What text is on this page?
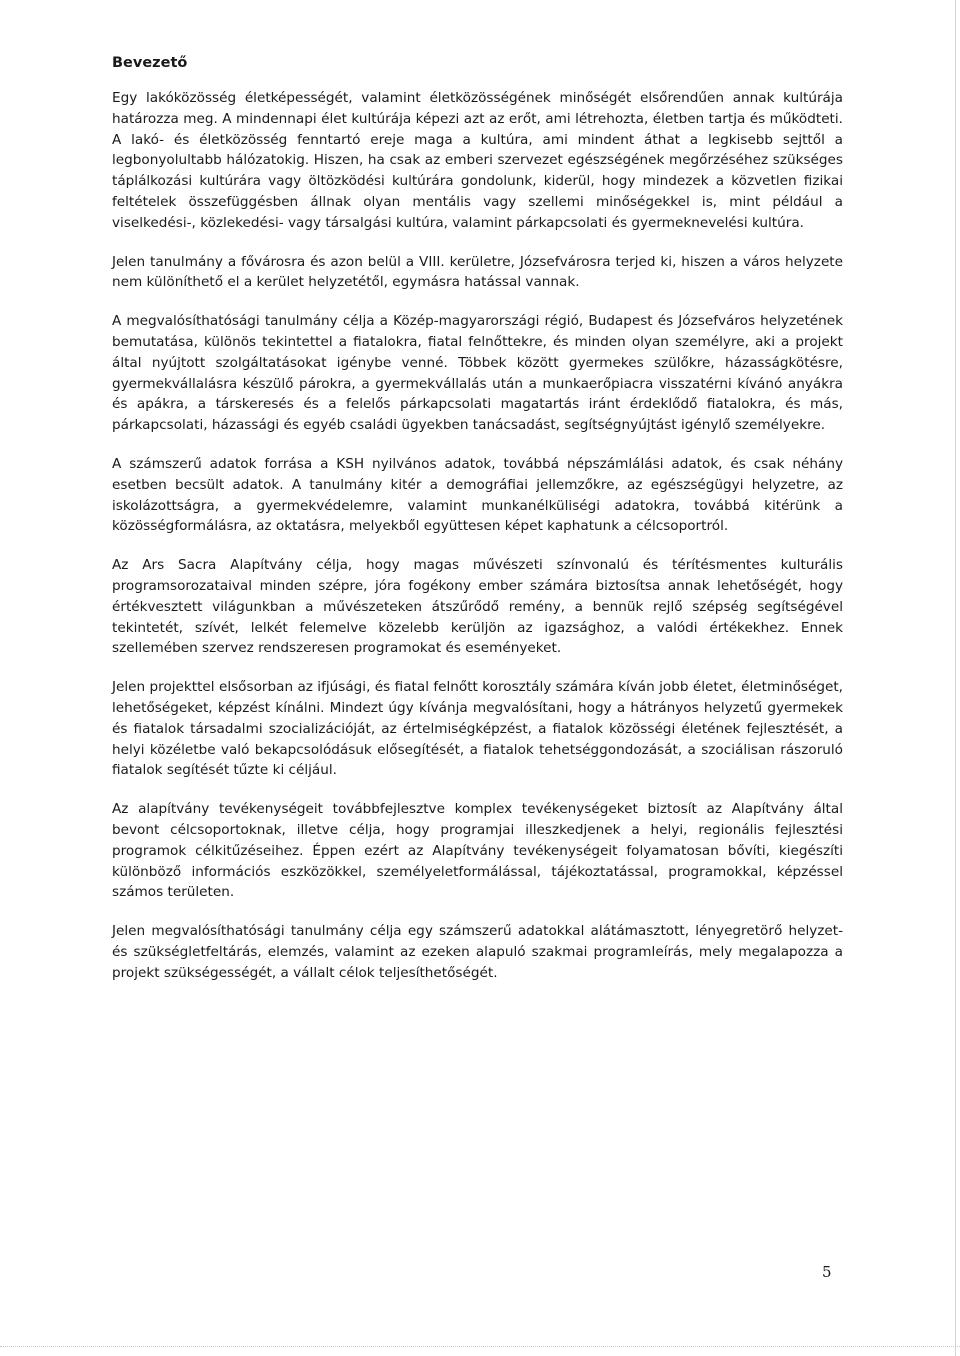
Bevezető

Egy lakóközösség életképességét, valamint életközösségének minőségét elsőrendűen annak kultúrája határozza meg. A mindennapi élet kultúrája képezi azt az erőt, ami létrehozta, életben tartja és működteti. A lakó- és életközösség fenntartó ereje maga a kultúra, ami mindent áthat a legkisebb sejttől a legbonyolultabb hálózatokig. Hiszen, ha csak az emberi szervezet egészségének megőrzéséhez szükséges táplálkozási kultúrára vagy öltözködési kultúrára gondolunk, kiderül, hogy mindezek a közvetlen fizikai feltételek összefüggésben állnak olyan mentális vagy szellemi minőségekkel is, mint például a viselkedési-, közlekedési- vagy társalgási kultúra, valamint párkapcsolati és gyermeknevelési kultúra.

Jelen tanulmány a fővárosra és azon belül a VIII. kerületre, Józsefvárosra terjed ki, hiszen a város helyzete nem különíthető el a kerület helyzetétől, egymásra hatással vannak.

A megvalósíthatósági tanulmány célja a Közép-magyarországi régió, Budapest és Józsefváros helyzetének bemutatása, különös tekintettel a fiatalokra, fiatal felnőttekre, és minden olyan személyre, aki a projekt által nyújtott szolgáltatásokat igénybe venné. Többek között gyermekes szülőkre, házasságkötésre, gyermekvállalásra készülő párokra, a gyermekvállalás után a munkaerőpiacra visszatérni kívánó anyákra és apákra, a társkeresés és a felelős párkapcsolati magatartás iránt érdeklődő fiatalokra, és más, párkapcsolati, házassági és egyéb családi ügyekben tanácsadást, segítségnyújtást igénylő személyekre.

A számszerű adatok forrása a KSH nyilvános adatok, továbbá népszámlálási adatok, és csak néhány esetben becsült adatok. A tanulmány kitér a demográfiai jellemzőkre, az egészségügyi helyzetre, az iskolázottságra, a gyermekvédelemre, valamint munkanélküliségi adatokra, továbbá kitérünk a közösségformálásra, az oktatásra, melyekből együttesen képet kaphatunk a célcsoportról.

Az Ars Sacra Alapítvány célja, hogy magas művészeti színvonalú és térítésmentes kulturális programsorozataival minden szépre, jóra fogékony ember számára biztosítsa annak lehetőségét, hogy értékvesztett világunkban a művészeteken átszűrődő remény, a bennük rejlő szépség segítségével tekintetét, szívét, lelkét felemelve közelebb kerüljön az igazsághoz, a valódi értékekhez. Ennek szellemében szervez rendszeresen programokat és eseményeket.

Jelen projekttel elsősorban az ifjúsági, és fiatal felnőtt korosztály számára kíván jobb életet, életminőséget, lehetőségeket, képzést kínálni. Mindezt úgy kívánja megvalósítani, hogy a hátrányos helyzetű gyermekek és fiatalok társadalmi szocializációját, az értelmiségképzést, a fiatalok közösségi életének fejlesztését, a helyi közéletbe való bekapcsolódásuk elősegítését, a fiatalok tehetséggondozását, a szociálisan rászoruló fiatalok segítését tűzte ki céljául.

Az alapítvány tevékenységeit továbbfejlesztve komplex tevékenységeket biztosít az Alapítvány által bevont célcsoportoknak, illetve célja, hogy programjai illeszkedjenek a helyi, regionális fejlesztési programok célkitűzéseihez. Éppen ezért az Alapítvány tevékenységeit folyamatosan bővíti, kiegészíti különböző információs eszközökkel, személyeletformálással, tájékoztatással, programokkal, képzéssel számos területen.

Jelen megvalósíthatósági tanulmány célja egy számszerű adatokkal alátámasztott, lényegretörő helyzet- és szükségletfeltárás, elemzés, valamint az ezeken alapuló szakmai programleírás, mely megalapozza a projekt szükségességét, a vállalt célok teljesíthetőségét.

5
